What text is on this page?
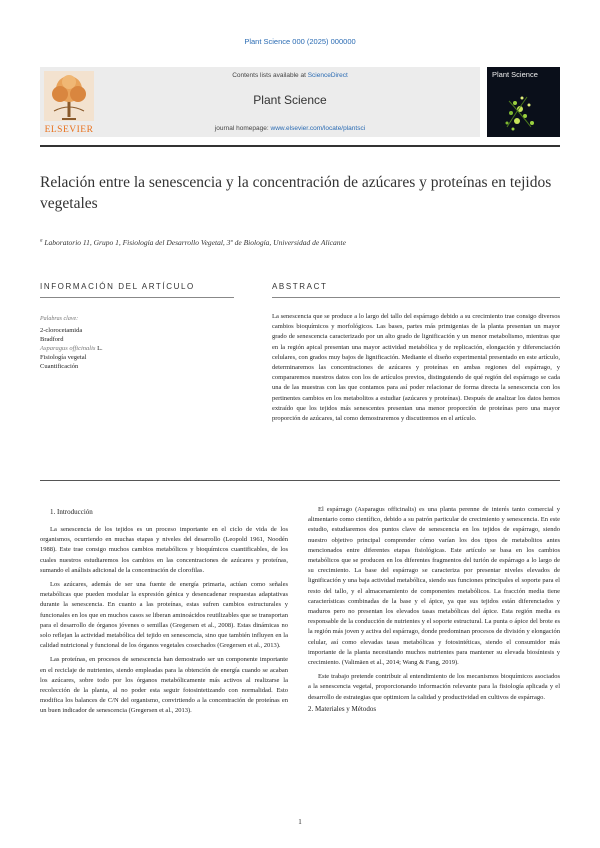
Plant Science 000 (2025) 000000
ELSEVIER
Contents lists available at ScienceDirect
Plant Science
journal homepage: www.elsevier.com/locate/plantsci
Plant Science
Relación entre la senescencia y la concentración de azúcares y proteínas en tejidos vegetales
$^a$ Laboratorio 11, Grupo 1, Fisiología del Desarrollo Vegetal, 3º de Biología, Universidad de Alicante
INFORMACIÓN DEL ARTÍCULO
Palabras clave:
2-clorocetamida
Bradford
Asparagus officinalis L.
Fisiología vegetal
Cuantificación
ABSTRACT
La senescencia que se produce a lo largo del tallo del espárrago debido a su crecimiento trae consigo diversos cambios bioquímicos y morfológicos. Las bases, partes más primigenias de la planta presentan un mayor grado de senescencia caracterizado por un alto grado de lignificación y un menor metabolismo, mientras que en la región apical presentan una mayor actividad metabólica y de replicación, elongación y diferenciación celulares, con grados muy bajos de lignificación. Mediante el diseño experimental presentado en este artículo, determinaremos las concentraciones de azúcares y proteínas en ambas regiones del espárrago, y compararemos nuestros datos con los de artículos previos, distinguiendo de qué región del espárrago se cada una de las muestras con las que contamos para así poder relacionar de forma directa la senescencia con los pertinentes cambios en los metabolitos a estudiar (azúcares y proteínas). Después de analizar los datos hemos extraído que los tejidos más senescentes presentan una menor proporción de proteínas pero una mayor proporción de azúcares, tal como demostraremos y discutiremos en el artículo.
1. Introducción

La senescencia de los tejidos es un proceso importante en el ciclo de vida de los organismos, ocurriendo en muchas etapas y niveles del desarrollo (Leopold 1961, Noodén 1988). Este trae consigo muchos cambios metabólicos y bioquímicos cuantificables, de los cuales nuestros estudiaremos los cambios en las concentraciones de azúcares y proteínas, sumando el análisis adicional de la concentración de clorofilas.

Los azúcares, además de ser una fuente de energía primaria, actúan como señales metabólicas que pueden modular la expresión génica y desencadenar respuestas adaptativas durante la senescencia. En cuanto a las proteínas, estas sufren cambios estructurales y funcionales en los que en muchos casos se liberan aminoácidos reutilizables que se transportan para el desarrollo de órganos jóvenes o semillas (Gregersen et al., 2008). Estas dinámicas no solo reflejan la actividad metabólica del tejido en senescencia, sino que también influyen en la calidad nutricional y funcional de los órganos vegetales cosechados (Gregersen et al., 2013).

Las proteínas, en procesos de senescencia han demostrado ser un componente importante en el reciclaje de nutrientes, siendo empleadas para la obtención de energía cuando se acaban los azúcares, sobre todo por los órganos metabólicamente más activos al realizarse la recolección de la planta, al no poder esta seguir fotosintetizando con normalidad. Esto modifica los balances de C/N del organismo, convirtiendo a la concentración de proteínas en un buen indicador de senescencia (Gregersen et al., 2013).

El espárrago (Asparagus officinalis) es una planta perenne de interés tanto comercial y alimentario como científico, debido a su patrón particular de crecimiento y senescencia. En este estudio, estudiaremos dos puntos clave de senescencia en los tejidos de espárrago, siendo nuestro objetivo principal comprender cómo varían los dos tipos de metabolitos antes mencionados entre diferentes etapas fisiológicas. Este artículo se basa en los cambios metabólicos que se producen en los diferentes fragmentos del turión de espárrago a lo largo de su crecimiento. La base del espárrago se caracteriza por presentar niveles elevados de lignificación y una baja actividad metabólica, siendo sus funciones principales el soporte para el resto del tallo, y el almacenamiento de componentes metabólicos. La fracción media tiene características combinadas de la base y el ápice, ya que sus tejidos están diferenciados y maduros pero no presentan los elevados tasas metabólicas del ápice. Esta región media es responsable de la conducción de nutrientes y el soporte estructural. La punta o ápice del brote es la región más joven y activa del espárrago, donde predominan procesos de división y elongación celular, así como elevadas tasas metabólicas y fotosintéticas, siendo el consumidor más importante de la planta necesitando muchos nutrientes para mantener su elevada biosíntesis y crecimiento. (Valimäen et al., 2014; Wang & Fang, 2019).

Este trabajo pretende contribuir al entendimiento de los mecanismos bioquímicos asociados a la senescencia vegetal, proporcionando información relevante para la fisiología aplicada y el desarrollo de estrategias que optimicen la calidad y productividad en cultivos de espárrago.

2. Materiales y Métodos
1
